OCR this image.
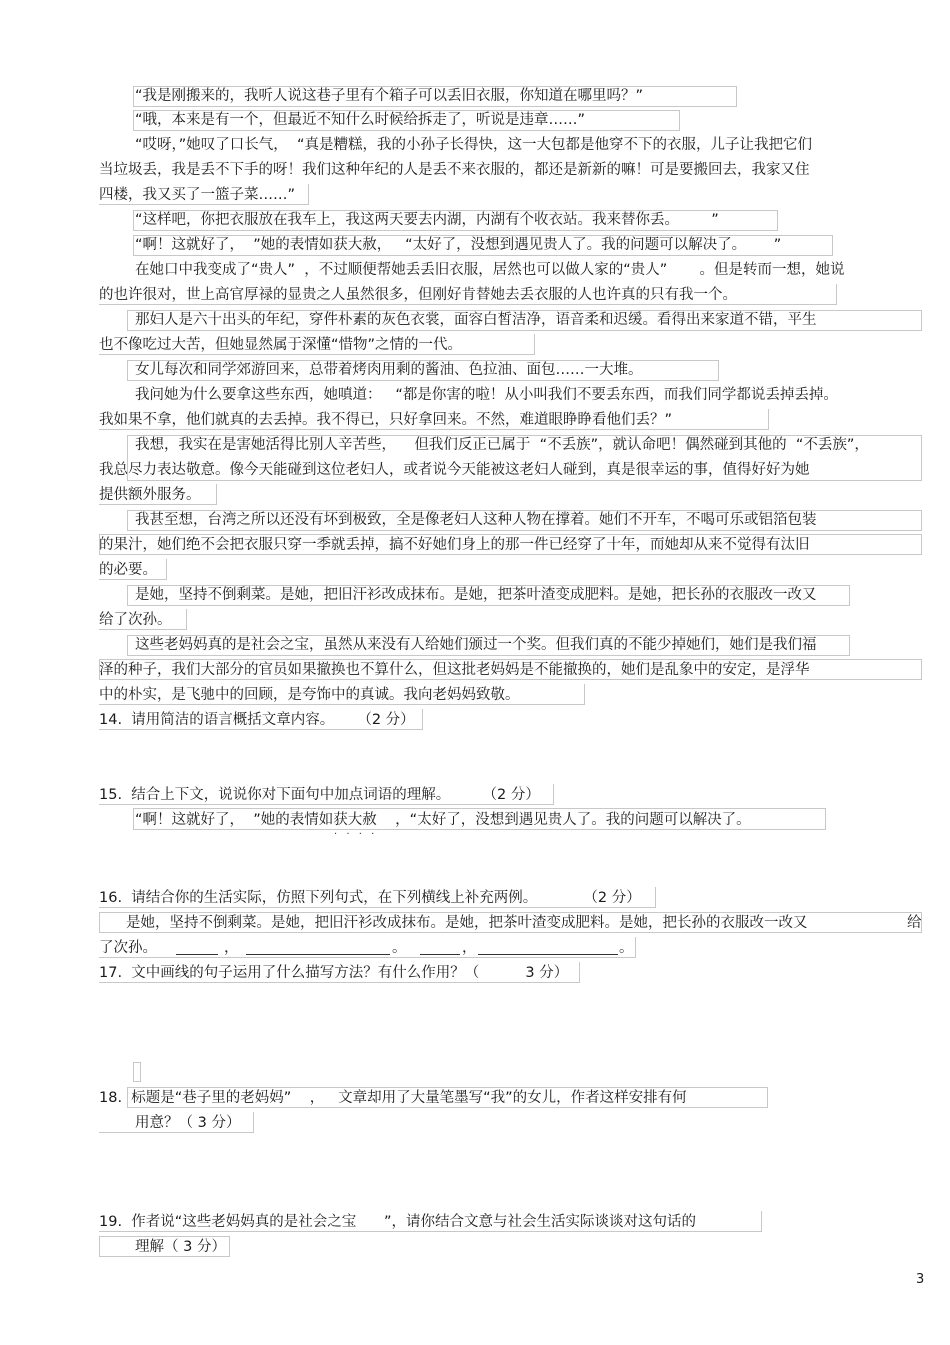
“我是刚搬来的，我听人说这巷子里有个箱子可以丢旧衣服，你知道在哪里吗？”
“哦，本来是有一个，但最近不知什么时候给拆走了，听说是违章……”
“哎呀，”她叹了口长气，  “真是糟糕，我的小孙子长得快，这一大包都是他穿不下的衣服，儿子让我把它们
当垃圾丢，我是丢不下手的呀！我们这种年纪的人是丢不来衣服的，都还是新新的嘛！可是要搬回去，我家又住
四楼，我又买了一篮子菜……”
“这样吧，你把衣服放在我车上，我这两天要去内湖，内湖有个收衣站。我来替你丢。       ”
“啊！这就好了，  ”她的表情如获大赦，   “太好了，没想到遇见贵人了。我的问题可以解决了。      ”
在她口中我变成了“贵人”  ，不过顺便帮她丢丢旧衣服，居然也可以做人家的“贵人”       。但是转而一想，她说
的也许很对，世上高官厚禄的显贵之人虽然很多，但刚好肯替她去丢衣服的人也许真的只有我一个。
那妇人是六十出头的年纪，穿件朴素的灰色衣裳，面容白皙洁净，语音柔和迟缓。看得出来家道不错，平生
也不像吃过大苦，但她显然属于深懂“惜物”之情的一代。
女儿每次和同学郊游回来，总带着烤肉用剩的酱油、色拉油、面包……一大堆。
我问她为什么要拿这些东西，她嗔道：   “都是你害的啦！从小叫我们不要丢东西，而我们同学都说丢掉丢掉。
我如果不拿，他们就真的去丢掉。我不得已，只好拿回来。不然，难道眼睁睁看他们丢？”
我想，我实在是害她活得比别人辛苦些，    但我们反正已属于  “不丢族”，就认命吧！偶然碰到其他的  “不丢族”，
我总尽力表达敬意。像今天能碰到这位老妇人，或者说今天能被这老妇人碰到，真是很幸运的事，值得好好为她
提供额外服务。
我甚至想，台湾之所以还没有坏到极致，全是像老妇人这种人物在撑着。她们不开车，不喝可乐或铝箔包装
的果汁，她们绝不会把衣服只穿一季就丢掉，搞不好她们身上的那一件已经穿了十年，而她却从来不觉得有汰旧
的必要。
是她，坚持不倒剩菜。是她，把旧汗衫改成抹布。是她，把茶叶渣变成肥料。是她，把长孙的衣服改一改又
给了次孙。
这些老妈妈真的是社会之宝，虽然从来没有人给她们颁过一个奖。但我们真的不能少掉她们，她们是我们福
泽的种子，我们大部分的官员如果撤换也不算什么，但这批老妈妈是不能撤换的，她们是乱象中的安定，是浮华
中的朴实，是飞驰中的回顾，是夸饰中的真诚。我向老妈妈致敬。
14.  请用简洁的语言概括文章内容。     （2 分）
15.  结合上下文，说说你对下面句中加点词语的理解。       （2 分）
“啊！这就好了，  ”她的表情如获大赦    ，“太好了，没想到遇见贵人了。我的问题可以解决了。
· · · ·
16.  请结合你的生活实际，仿照下列句式，在下列横线上补充两例。          （2 分）
是她，坚持不倒剩菜。是她，把旧汗衫改成抹布。是她，把茶叶渣变成肥料。是她，把长孙的衣服改一改又	给
了次孙。	，	。	，	。
17.  文中画线的句子运用了什么描写方法？有什么作用？（          3 分）
18.  标题是“巷子里的老妈妈”    ，   文章却用了大量笔墨写“我”的女儿，作者这样安排有何
用意？（ 3 分）
19.  作者说“这些老妈妈真的是社会之宝      ”，请你结合文意与社会生活实际谈谈对这句话的
理解（ 3 分）
3
